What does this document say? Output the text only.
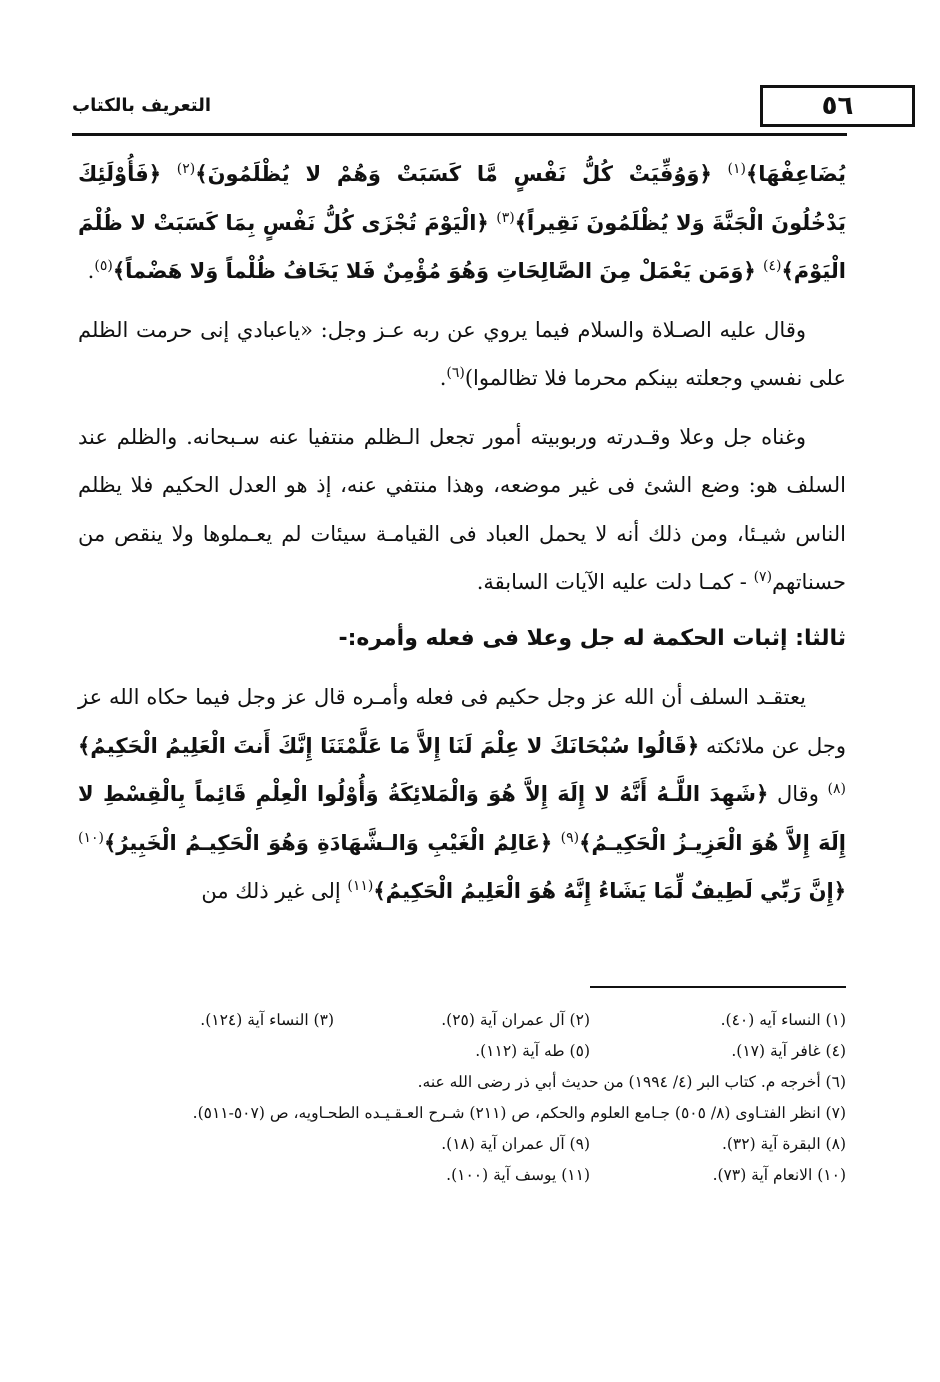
٥٦
التعريف بالكتاب

يُضَاعِفْهَا﴾$^{(١)}$ ﴿وَوُفِّيَتْ كُلُّ نَفْسٍ مَّا كَسَبَتْ وَهُمْ لا يُظْلَمُونَ﴾$^{(٢)}$ ﴿فَأُوْلَئِكَ يَدْخُلُونَ الْجَنَّةَ وَلا يُظْلَمُونَ نَقِيراً﴾$^{(٣)}$ ﴿الْيَوْمَ تُجْزَى كُلُّ نَفْسٍ بِمَا كَسَبَتْ لا ظُلْمَ الْيَوْمَ﴾$^{(٤)}$ ﴿وَمَن يَعْمَلْ مِنَ الصَّالِحَاتِ وَهُوَ مُؤْمِنٌ فَلا يَخَافُ ظُلْماً وَلا هَضْماً﴾$^{(٥)}$.

وقال عليه الصـلاة والسلام فيما يروي عن ربه عـز وجل: «ياعبادي إنى حرمت الظلم على نفسي وجعلته بينكم محرما فلا تظالموا)$^{(٦)}$.

وغناه جل وعلا وقـدرته وربوبيته أمور تجعل الـظلم منتفيا عنه سـبحانه. والظلم عند السلف هو: وضع الشئ فى غير موضعه، وهذا منتفي عنه، إذ هو العدل الحكيم فلا يظلم الناس شيـئا، ومن ذلك أنه لا يحمل العباد فى القيامـة سيئات لم يعـملوها ولا ينقص من حسناتهم$^{(٧)}$ - كمـا دلت عليه الآيات السابقة.

ثالثا: إثبات الحكمة له جل وعلا فى فعله وأمره:-

يعتقـد السلف أن الله عز وجل حكيم فى فعله وأمـره قال عز وجل فيما حكاه الله عز وجل عن ملائكته ﴿قَالُوا سُبْحَانَكَ لا عِلْمَ لَنَا إِلاَّ مَا عَلَّمْتَنَا إِنَّكَ أَنتَ الْعَلِيمُ الْحَكِيمُ﴾$^{(٨)}$ وقال ﴿شَهِدَ اللَّـهُ أَنَّهُ لا إِلَهَ إِلاَّ هُوَ وَالْمَلائِكَةُ وَأُوْلُوا الْعِلْمِ قَائِماً بِالْقِسْطِ لا إِلَهَ إِلاَّ هُوَ الْعَزِيـزُ الْحَكِيـمُ﴾$^{(٩)}$ ﴿عَالِمُ الْغَيْبِ وَالـشَّهَادَةِ وَهُوَ الْحَكِيـمُ الْخَبِيرُ﴾$^{(١٠)}$ ﴿إِنَّ رَبِّي لَطِيفٌ لِّمَا يَشَاءُ إِنَّهُ هُوَ الْعَلِيمُ الْحَكِيمُ﴾$^{(١١)}$ إلى غير ذلك من

(١) النساء آيه (٤٠).
(٢) آل عمران آية (٢٥).
(٣) النساء آية (١٢٤).
(٤) غافر آية (١٧).
(٥) طه آية (١١٢).
(٦) أخرجه م. كتاب البر (٤/ ١٩٩٤) من حديث أبي ذر رضى الله عنه.
(٧) انظر الفتـاوى (٨/ ٥٠٥) جـامع العلوم والحكم، ص (٢١١) شـرح العـقـيـده الطحـاويه، ص (٥٠٧-٥١١).
(٨) البقرة آية (٣٢).
(٩) آل عمران آية (١٨).
(١٠) الانعام آية (٧٣).
(١١) يوسف آية (١٠٠).
